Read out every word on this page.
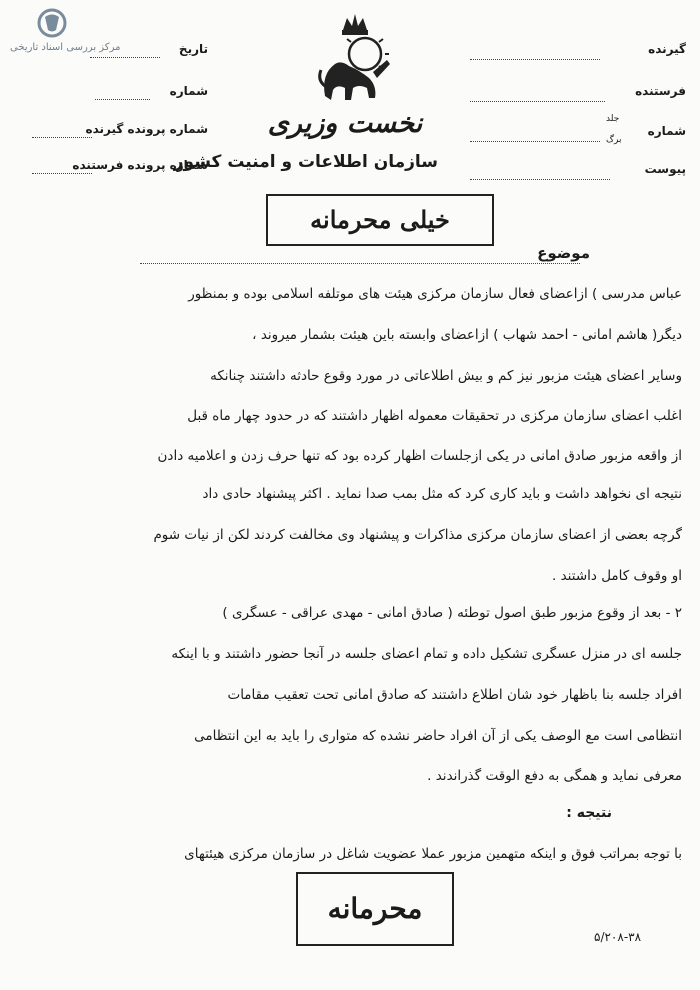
مرکز بررسی اسناد تاریخی	تاریخ
شماره
شماره پرونده گیرنده
شماره پرونده فرستنده
گیرنده
فرستنده
شماره
جلد
برگ
پیوست
نخست وزیری
سازمان اطلاعات و امنیت کشور
خیلی محرمانه
موضوع
عباس مدرسی ) ازاعضای فعال سازمان مرکزی هیئت های موتلفه اسلامی بوده و بمنظور
دیگر( هاشم امانی - احمد شهاب ) ازاعضای وابسته باین هیئت بشمار میروند ،
وسایر اعضای هیئت مزبور نیز کم و بیش اطلاعاتی در مورد وقوع حادثه داشتند چنانکه
اغلب اعضای سازمان مرکزی در تحقیقات معموله اظهار داشتند که در حدود چهار ماه قبل
از واقعه مزبور صادق امانی در یکی ازجلسات اظهار کرده بود که تنها حرف زدن و اعلامیه دادن
نتیجه ای نخواهد داشت و باید کاری کرد که مثل بمب صدا نماید . اکثر پیشنهاد حادی داد
گرچه بعضی از اعضای سازمان مرکزی مذاکرات و پیشنهاد وی مخالفت کردند لکن از نیات شوم
او وقوف کامل داشتند .
۲ - بعد از وقوع مزبور طبق اصول توطئه ( صادق امانی - مهدی عراقی - عسگری )
جلسه ای در منزل عسگری تشکیل داده و تمام اعضای جلسه در آنجا حضور داشتند و با اینکه
افراد جلسه بنا باظهار خود شان اطلاع داشتند که صادق امانی تحت تعقیب مقامات
انتظامی است مع الوصف یکی از آن افراد حاضر نشده که متواری را باید به این انتظامی
معرفی نماید و همگی به دفع الوقت گذراندند .
نتیجه :
با توجه بمراتب فوق و اینکه متهمین مزبور عملا عضویت شاغل در سازمان مرکزی هیئتهای
محرمانه
۵/۲۰۸-۳۸
